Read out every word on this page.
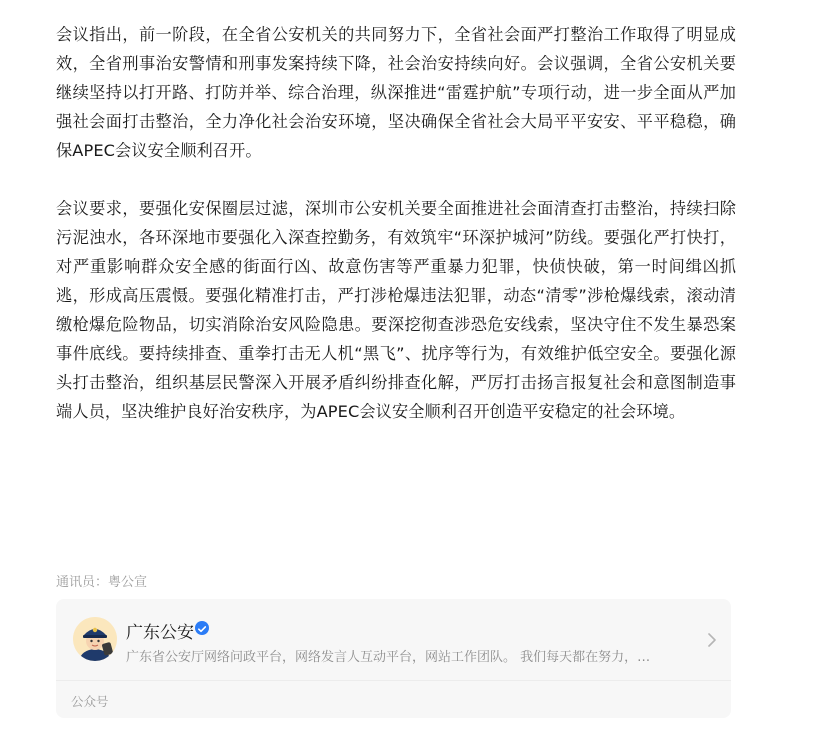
会议指出，前一阶段，在全省公安机关的共同努力下，全省社会面严打整治工作取得了明显成效，全省刑事治安警情和刑事发案持续下降，社会治安持续向好。会议强调，全省公安机关要继续坚持以打开路、打防并举、综合治理，纵深推进“雷霆护航”专项行动，进一步全面从严加强社会面打击整治，全力净化社会治安环境，坚决确保全省社会大局平平安安、平平稳稳，确保APEC会议安全顺利召开。

会议要求，要强化安保圈层过滤，深圳市公安机关要全面推进社会面清查打击整治，持续扫除污泥浊水，各环深地市要强化入深查控勤务，有效筑牢“环深护城河”防线。要强化严打快打，对严重影响群众安全感的街面行凶、故意伤害等严重暴力犯罪，快侦快破，第一时间缉凶抓逃，形成高压震慑。要强化精准打击，严打涉枪爆违法犯罪，动态“清零”涉枪爆线索，滚动清缴枪爆危险物品，切实消除治安风险隐患。要深挖彻查涉恐危安线索，坚决守住不发生暴恐案事件底线。要持续排查、重拳打击无人机“黑飞”、扰序等行为，有效维护低空安全。要强化源头打击整治，组织基层民警深入开展矛盾纠纷排查化解，严厉打击扬言报复社会和意图制造事端人员，坚决维护良好治安秩序，为APEC会议安全顺利召开创造平安稳定的社会环境。

通讯员：粤公宣
广东公安
广东省公安厅网络问政平台，网络发言人互动平台，网站工作团队。 我们每天都在努力，…
公众号
